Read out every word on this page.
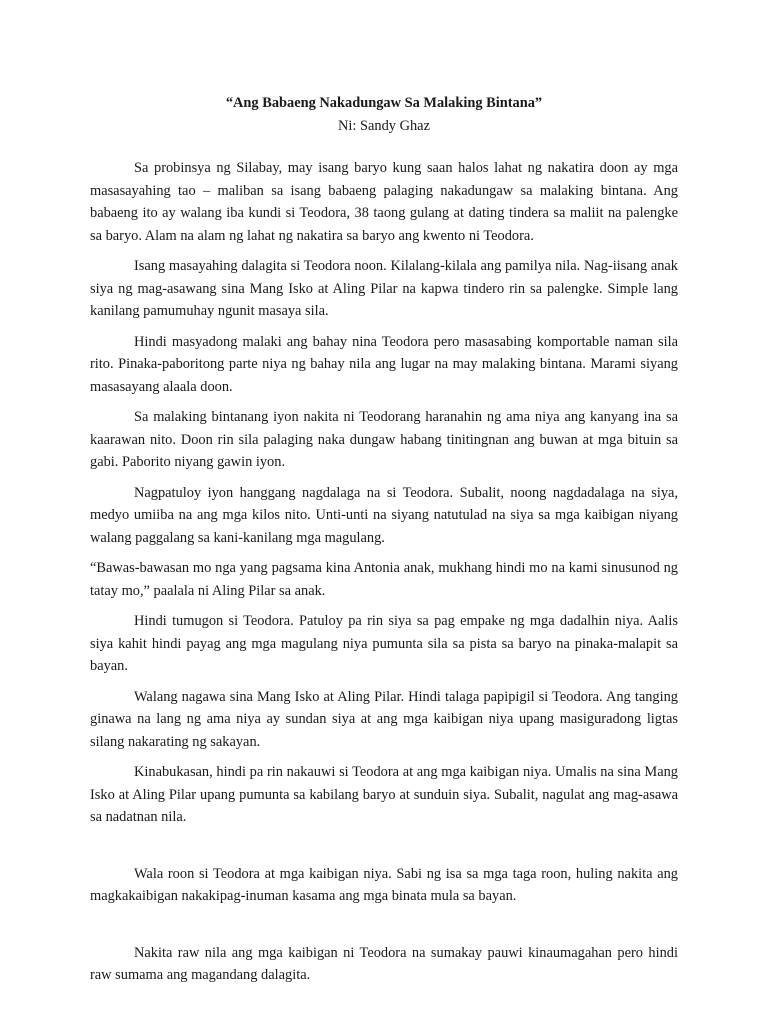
“Ang Babaeng Nakadungaw Sa Malaking Bintana”

Ni: Sandy Ghaz

Sa probinsya ng Silabay, may isang baryo kung saan halos lahat ng nakatira doon ay mga masasayahing tao – maliban sa isang babaeng palaging nakadungaw sa malaking bintana. Ang babaeng ito ay walang iba kundi si Teodora, 38 taong gulang at dating tindera sa maliit na palengke sa baryo. Alam na alam ng lahat ng nakatira sa baryo ang kwento ni Teodora.

Isang masayahing dalagita si Teodora noon. Kilalang-kilala ang pamilya nila. Nag-iisang anak siya ng mag-asawang sina Mang Isko at Aling Pilar na kapwa tindero rin sa palengke. Simple lang kanilang pamumuhay ngunit masaya sila.

Hindi masyadong malaki ang bahay nina Teodora pero masasabing komportable naman sila rito. Pinaka-paboritong parte niya ng bahay nila ang lugar na may malaking bintana. Marami siyang masasayang alaala doon.

Sa malaking bintanang iyon nakita ni Teodorang haranahin ng ama niya ang kanyang ina sa kaarawan nito. Doon rin sila palaging naka dungaw habang tinitingnan ang buwan at mga bituin sa gabi. Paborito niyang gawin iyon.

Nagpatuloy iyon hanggang nagdalaga na si Teodora. Subalit, noong nagdadalaga na siya, medyo umiiba na ang mga kilos nito. Unti-unti na siyang natutulad na siya sa mga kaibigan niyang walang paggalang sa kani-kanilang mga magulang.

“Bawas-bawasan mo nga yang pagsama kina Antonia anak, mukhang hindi mo na kami sinusunod ng tatay mo,” paalala ni Aling Pilar sa anak.

Hindi tumugon si Teodora. Patuloy pa rin siya sa pag empake ng mga dadalhin niya. Aalis siya kahit hindi payag ang mga magulang niya pumunta sila sa pista sa baryo na pinaka-malapit sa bayan.

Walang nagawa sina Mang Isko at Aling Pilar. Hindi talaga papipigil si Teodora. Ang tanging ginawa na lang ng ama niya ay sundan siya at ang mga kaibigan niya upang masiguradong ligtas silang nakarating ng sakayan.

Kinabukasan, hindi pa rin nakauwi si Teodora at ang mga kaibigan niya. Umalis na sina Mang Isko at Aling Pilar upang pumunta sa kabilang baryo at sunduin siya. Subalit, nagulat ang mag-asawa sa nadatnan nila.

Wala roon si Teodora at mga kaibigan niya. Sabi ng isa sa mga taga roon, huling nakita ang magkakaibigan nakakipag-inuman kasama ang mga binata mula sa bayan.

Nakita raw nila ang mga kaibigan ni Teodora na sumakay pauwi kinaumagahan pero hindi raw sumama ang magandang dalagita.
